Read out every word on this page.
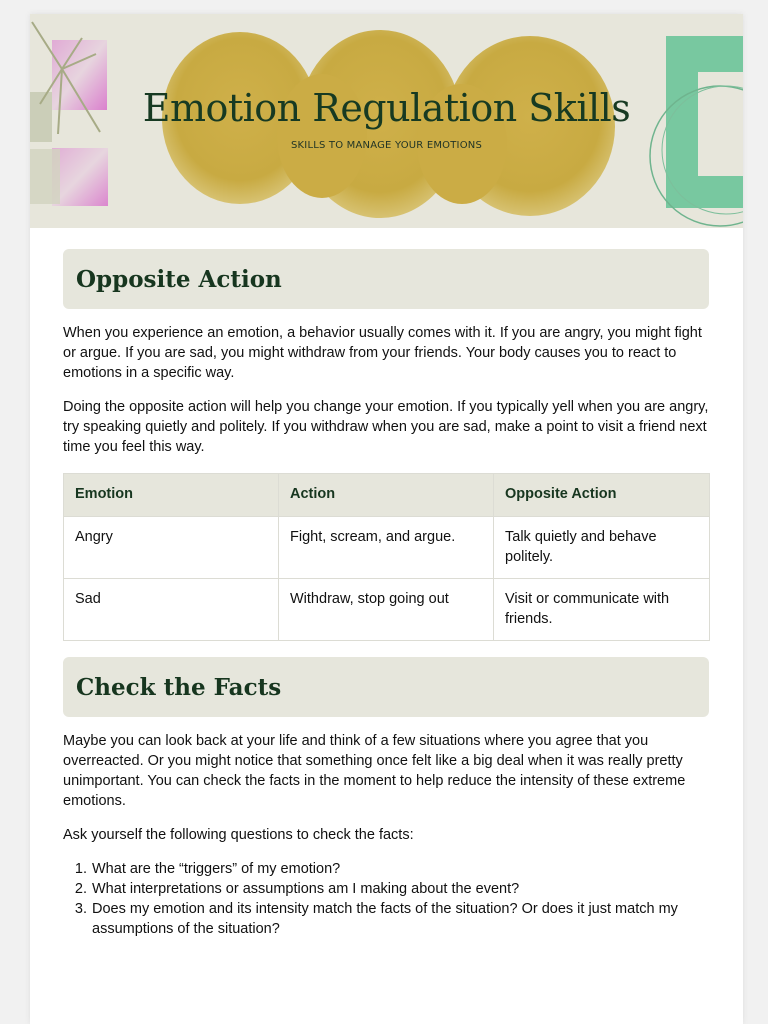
Emotion Regulation Skills
SKILLS TO MANAGE YOUR EMOTIONS
Opposite Action

When you experience an emotion, a behavior usually comes with it. If you are angry, you might fight or argue. If you are sad, you might withdraw from your friends. Your body causes you to react to emotions in a specific way.

Doing the opposite action will help you change your emotion. If you typically yell when you are angry, try speaking quietly and politely. If you withdraw when you are sad, make a point to visit a friend next time you feel this way.

Emotion	Action	Opposite Action
Angry	Fight, scream, and argue.	Talk quietly and behave politely.
Sad	Withdraw, stop going out	Visit or communicate with friends.
Check the Facts

Maybe you can look back at your life and think of a few situations where you agree that you overreacted. Or you might notice that something once felt like a big deal when it was really pretty unimportant. You can check the facts in the moment to help reduce the intensity of these extreme emotions.

Ask yourself the following questions to check the facts:

1. What are the “triggers” of my emotion?
2. What interpretations or assumptions am I making about the event?
3. Does my emotion and its intensity match the facts of the situation? Or does it just match my assumptions of the situation?
